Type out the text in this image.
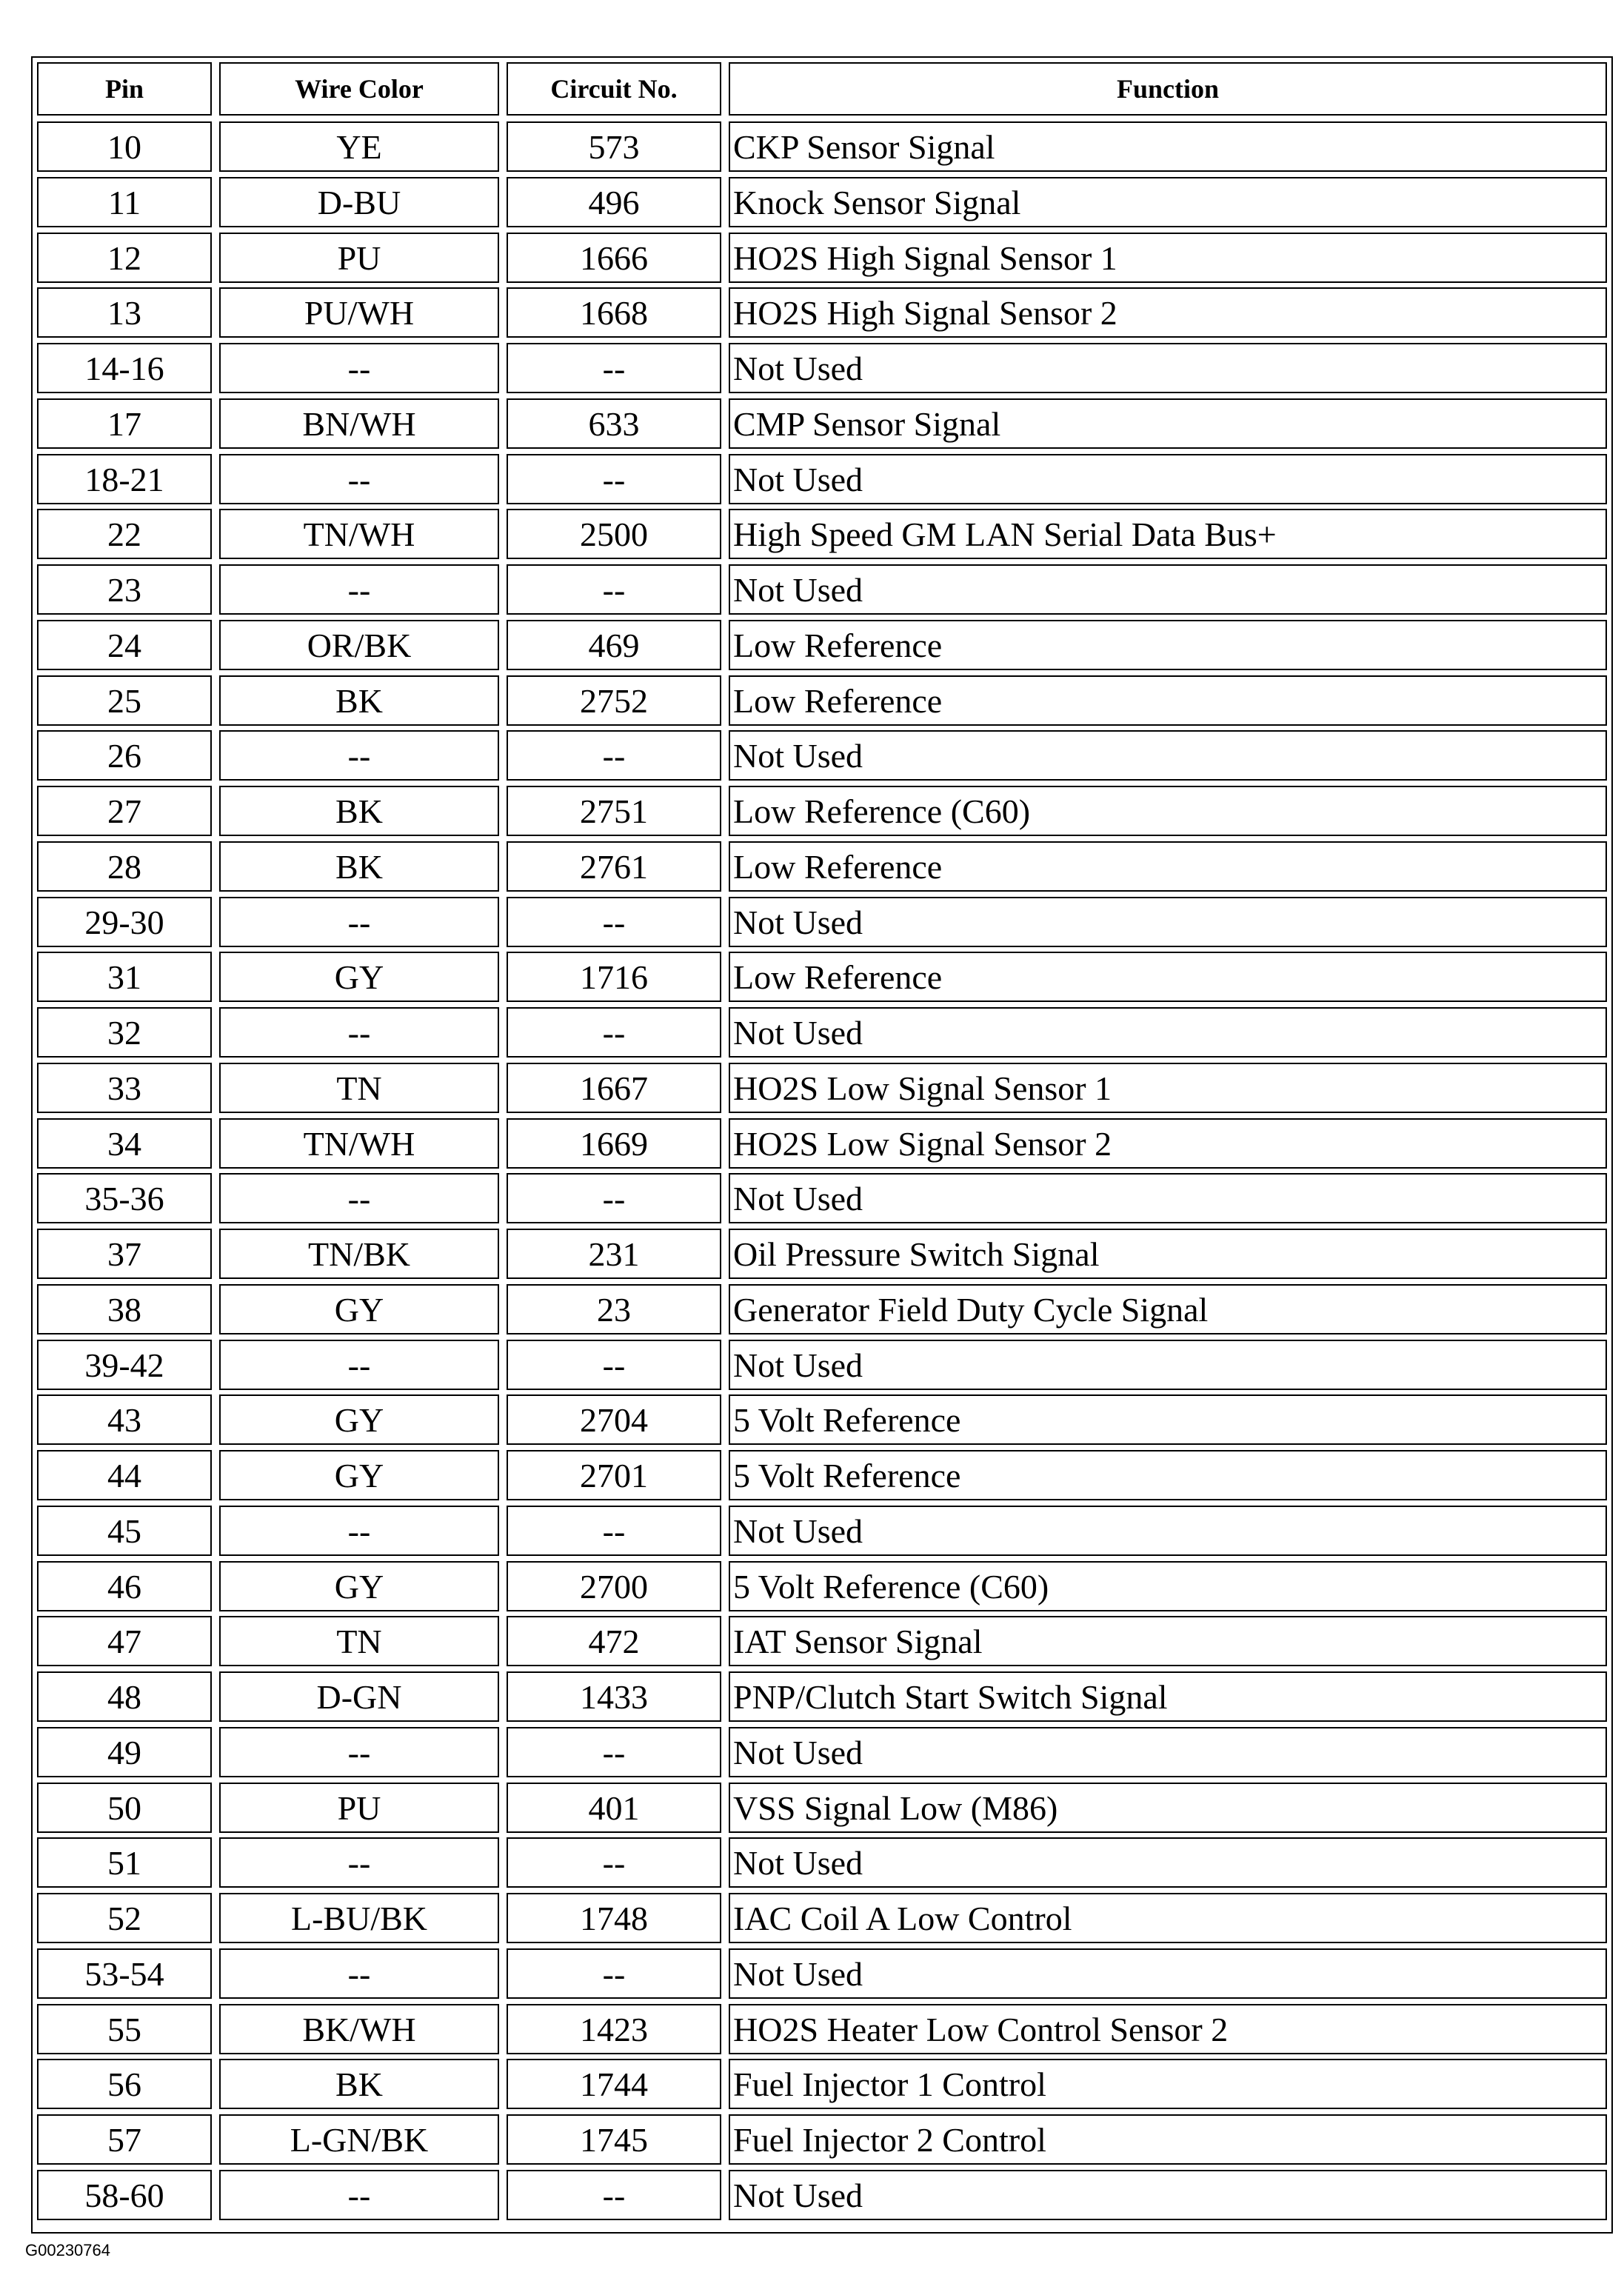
Pin	Wire Color	Circuit No.	Function
10	YE	573	CKP Sensor Signal
11	D-BU	496	Knock Sensor Signal
12	PU	1666	HO2S High Signal Sensor 1
13	PU/WH	1668	HO2S High Signal Sensor 2
14-16	--	--	Not Used
17	BN/WH	633	CMP Sensor Signal
18-21	--	--	Not Used
22	TN/WH	2500	High Speed GM LAN Serial Data Bus+
23	--	--	Not Used
24	OR/BK	469	Low Reference
25	BK	2752	Low Reference
26	--	--	Not Used
27	BK	2751	Low Reference (C60)
28	BK	2761	Low Reference
29-30	--	--	Not Used
31	GY	1716	Low Reference
32	--	--	Not Used
33	TN	1667	HO2S Low Signal Sensor 1
34	TN/WH	1669	HO2S Low Signal Sensor 2
35-36	--	--	Not Used
37	TN/BK	231	Oil Pressure Switch Signal
38	GY	23	Generator Field Duty Cycle Signal
39-42	--	--	Not Used
43	GY	2704	5 Volt Reference
44	GY	2701	5 Volt Reference
45	--	--	Not Used
46	GY	2700	5 Volt Reference (C60)
47	TN	472	IAT Sensor Signal
48	D-GN	1433	PNP/Clutch Start Switch Signal
49	--	--	Not Used
50	PU	401	VSS Signal Low (M86)
51	--	--	Not Used
52	L-BU/BK	1748	IAC Coil A Low Control
53-54	--	--	Not Used
55	BK/WH	1423	HO2S Heater Low Control Sensor 2
56	BK	1744	Fuel Injector 1 Control
57	L-GN/BK	1745	Fuel Injector 2 Control
58-60	--	--	Not Used
G00230764
